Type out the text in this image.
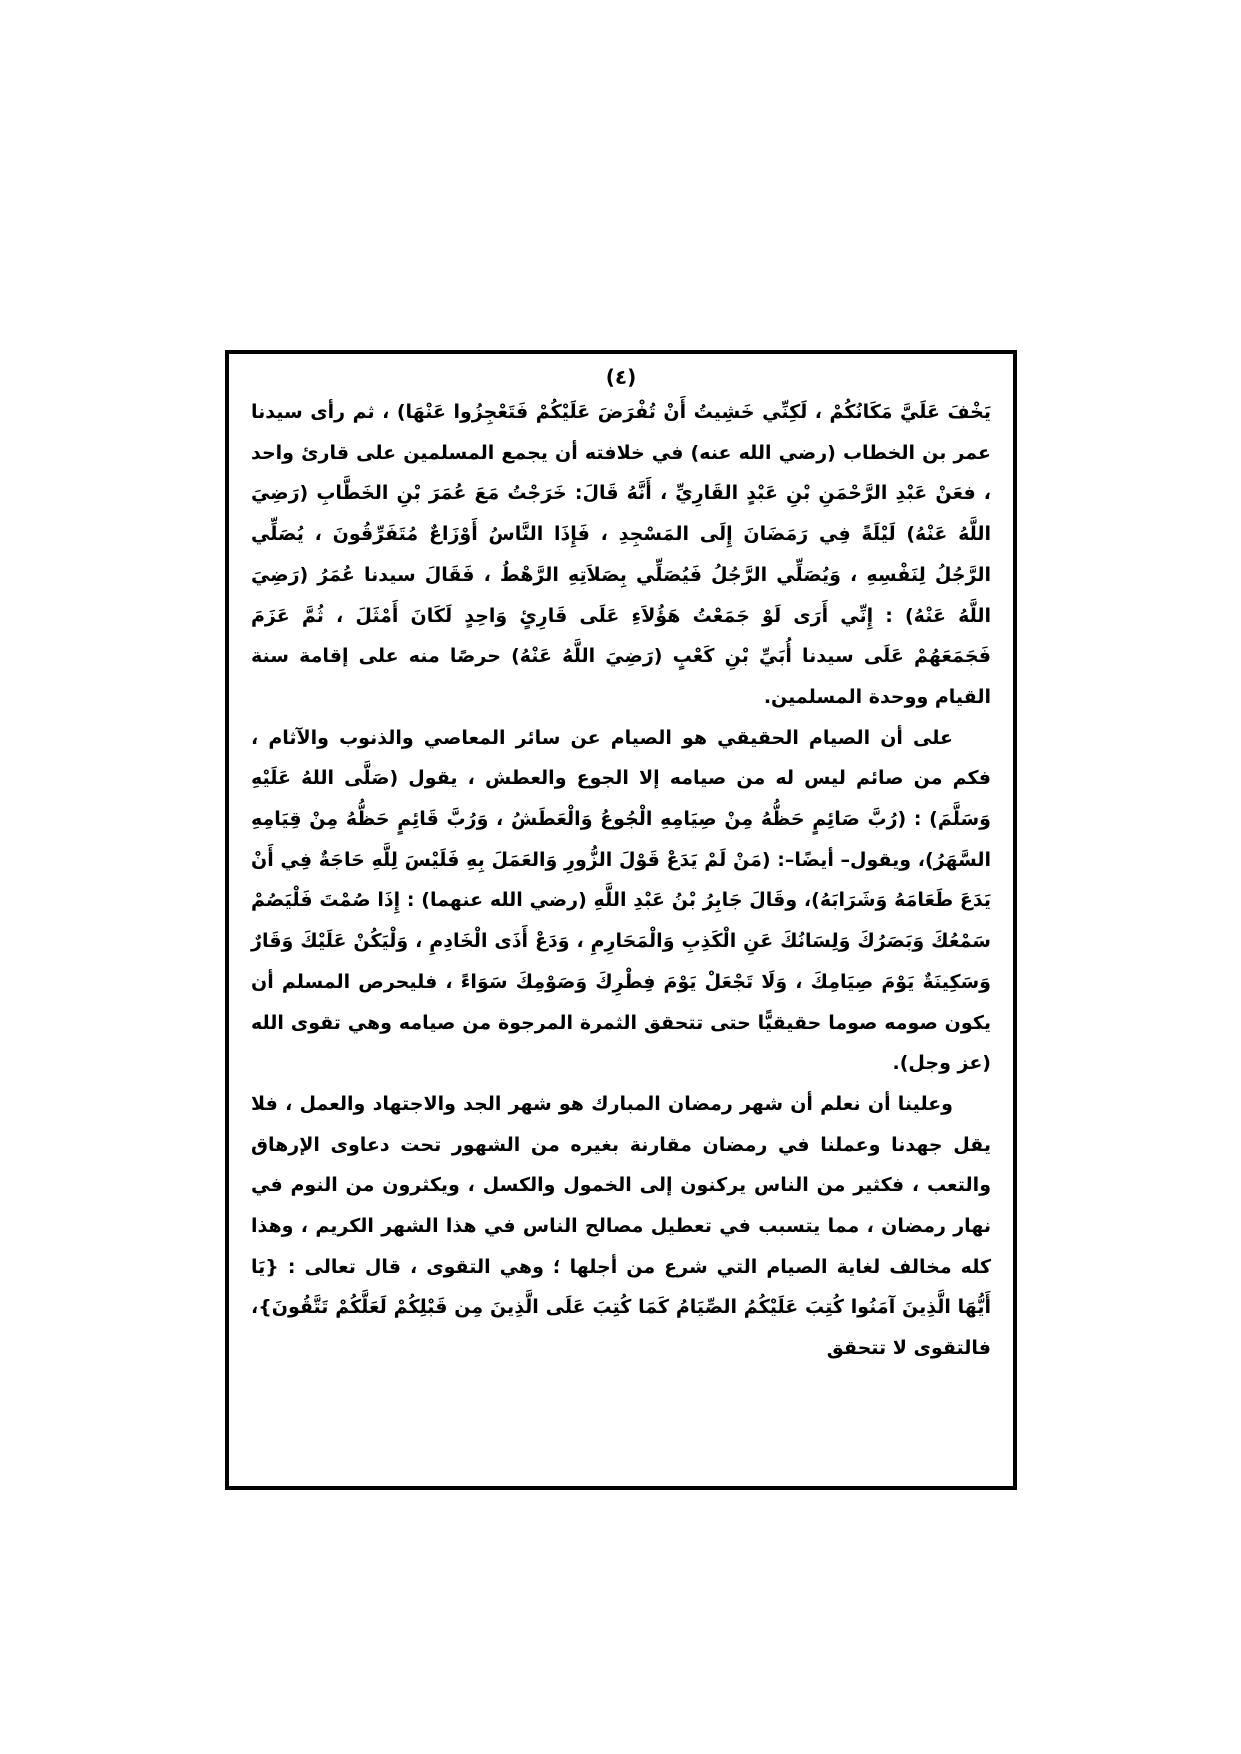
(٤)

يَخْفَ عَلَيَّ مَكَانُكُمْ ، لَكِنِّي خَشِيتُ أَنْ تُفْرَضَ عَلَيْكُمْ فَتَعْجِزُوا عَنْهَا) ، ثم رأى سيدنا عمر بن الخطاب (رضي الله عنه) في خلافته أن يجمع المسلمين على قارئ واحد ، فعَنْ عَبْدِ الرَّحْمَنِ بْنِ عَبْدٍ القَارِيِّ ، أَنَّهُ قَالَ: خَرَجْتُ مَعَ عُمَرَ بْنِ الخَطَّابِ (رَضِيَ اللَّهُ عَنْهُ) لَيْلَةً فِي رَمَضَانَ إِلَى المَسْجِدِ ، فَإِذَا النَّاسُ أَوْزَاعٌ مُتَفَرِّقُونَ ، يُصَلِّي الرَّجُلُ لِنَفْسِهِ ، وَيُصَلِّي الرَّجُلُ فَيُصَلِّي بِصَلاَتِهِ الرَّهْطُ ، فَقَالَ سيدنا عُمَرُ (رَضِيَ اللَّهُ عَنْهُ) : إِنِّي أَرَى لَوْ جَمَعْتُ هَؤُلاَءِ عَلَى قَارِئٍ وَاحِدٍ لَكَانَ أَمْثَلَ ، ثُمَّ عَزَمَ فَجَمَعَهُمْ عَلَى سيدنا أُبَيِّ بْنِ كَعْبٍ (رَضِيَ اللَّهُ عَنْهُ) حرصًا منه على إقامة سنة القيام ووحدة المسلمين.

على أن الصيام الحقيقي هو الصيام عن سائر المعاصي والذنوب والآثام ، فكم من صائم ليس له من صيامه إلا الجوع والعطش ، يقول (صَلَّى اللهُ عَلَيْهِ وَسَلَّمَ) : (رُبَّ صَائِمٍ حَظُّهُ مِنْ صِيَامِهِ الْجُوعُ وَالْعَطَشُ ، وَرُبَّ قَائِمٍ حَظُّهُ مِنْ قِيَامِهِ السَّهَرُ)، ويقول– أيضًا–: (مَنْ لَمْ يَدَعْ قَوْلَ الزُّورِ وَالعَمَلَ بِهِ فَلَيْسَ لِلَّهِ حَاجَةٌ فِي أَنْ يَدَعَ طَعَامَهُ وَشَرَابَهُ)، وقَالَ جَابِرُ بْنُ عَبْدِ اللَّهِ (رضي الله عنهما) : إِذَا صُمْتَ فَلْيَصُمْ سَمْعُكَ وَبَصَرُكَ وَلِسَانُكَ عَنِ الْكَذِبِ وَالْمَحَارِمِ ، وَدَعْ أَذَى الْخَادِمِ ، وَلْيَكُنْ عَلَيْكَ وَقَارٌ وَسَكِينَةٌ يَوْمَ صِيَامِكَ ، وَلَا تَجْعَلْ يَوْمَ فِطْرِكَ وَصَوْمِكَ سَوَاءً ، فليحرص المسلم أن يكون صومه صوما حقيقيًّا حتى تتحقق الثمرة المرجوة من صيامه وهي تقوى الله (عز وجل).

وعلينا أن نعلم أن شهر رمضان المبارك هو شهر الجد والاجتهاد والعمل ، فلا يقل جهدنا وعملنا في رمضان مقارنة بغيره من الشهور تحت دعاوى الإرهاق والتعب ، فكثير من الناس يركنون إلى الخمول والكسل ، ويكثرون من النوم في نهار رمضان ، مما يتسبب في تعطيل مصالح الناس في هذا الشهر الكريم ، وهذا كله مخالف لغاية الصيام التي شرع من أجلها ؛ وهي التقوى ، قال تعالى : {يَا أَيُّهَا الَّذِينَ آمَنُوا كُتِبَ عَلَيْكُمُ الصِّيَامُ كَمَا كُتِبَ عَلَى الَّذِينَ مِن قَبْلِكُمْ لَعَلَّكُمْ تَتَّقُونَ}، فالتقوى لا تتحقق
